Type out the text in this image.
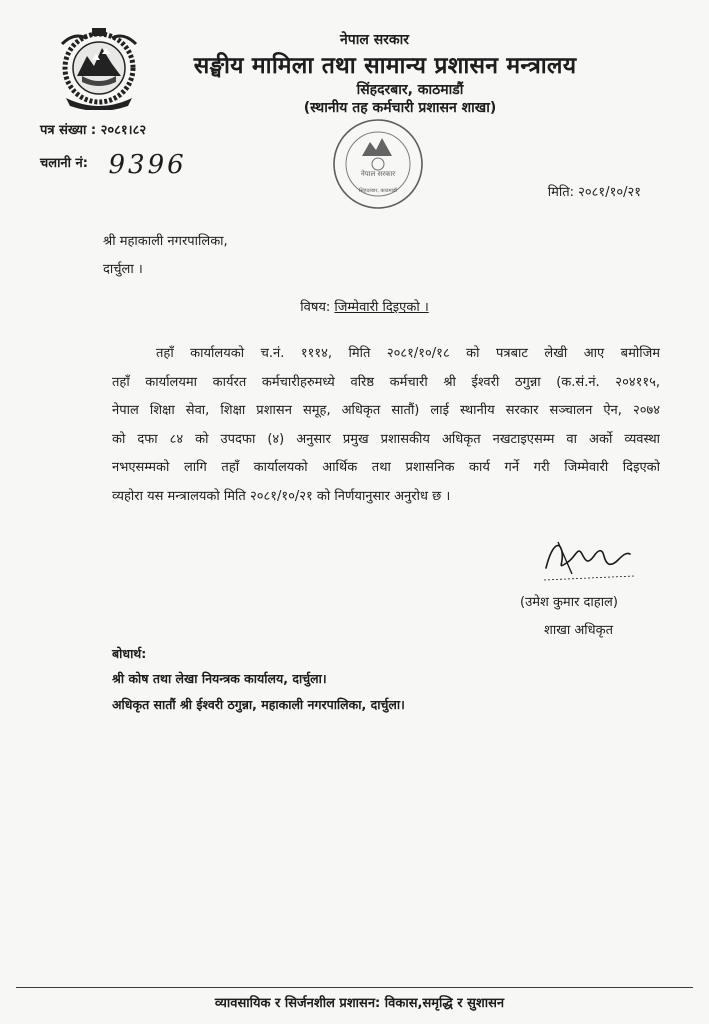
नेपाल सरकार
सङ्घीय मामिला तथा सामान्य प्रशासन मन्त्रालय
सिंहदरबार, काठमाडौं
(स्थानीय तह कर्मचारी प्रशासन शाखा)
पत्र संख्या : २०८१।८२
चलानी नं: 9396	नेपाल सरकार
सिंहदरबार, काठमाडौं	मिति: २०८१/१०/२१
श्री महाकाली नगरपालिका,
दार्चुला ।
विषय: जिम्मेवारी दिइएको ।
तहाँ कार्यालयको च.नं. १११४, मिति २०८१/१०/१८ को पत्रबाट लेखी आए बमोजिम
तहाँ कार्यालयमा कार्यरत कर्मचारीहरुमध्ये वरिष्ठ कर्मचारी श्री ईश्वरी ठगुन्ना (क.सं.नं. २०४११५,
नेपाल शिक्षा सेवा, शिक्षा प्रशासन समूह, अधिकृत सातौं) लाई स्थानीय सरकार सञ्चालन ऐन, २०७४
को दफा ८४ को उपदफा (४) अनुसार प्रमुख प्रशासकीय अधिकृत नखटाइएसम्म वा अर्को व्यवस्था
नभएसम्मको लागि तहाँ कार्यालयको आर्थिक तथा प्रशासनिक कार्य गर्ने गरी जिम्मेवारी दिइएको
व्यहोरा यस मन्त्रालयको मिति २०८१/१०/२१ को निर्णयानुसार अनुरोध छ ।
(उमेश कुमार दाहाल)
शाखा अधिकृत
बोधार्थ:
श्री कोष तथा लेखा नियन्त्रक कार्यालय, दार्चुला।
अधिकृत सातौं श्री ईश्वरी ठगुन्ना, महाकाली नगरपालिका, दार्चुला।
व्यावसायिक र सिर्जनशील प्रशासन: विकास,समृद्धि र सुशासन
